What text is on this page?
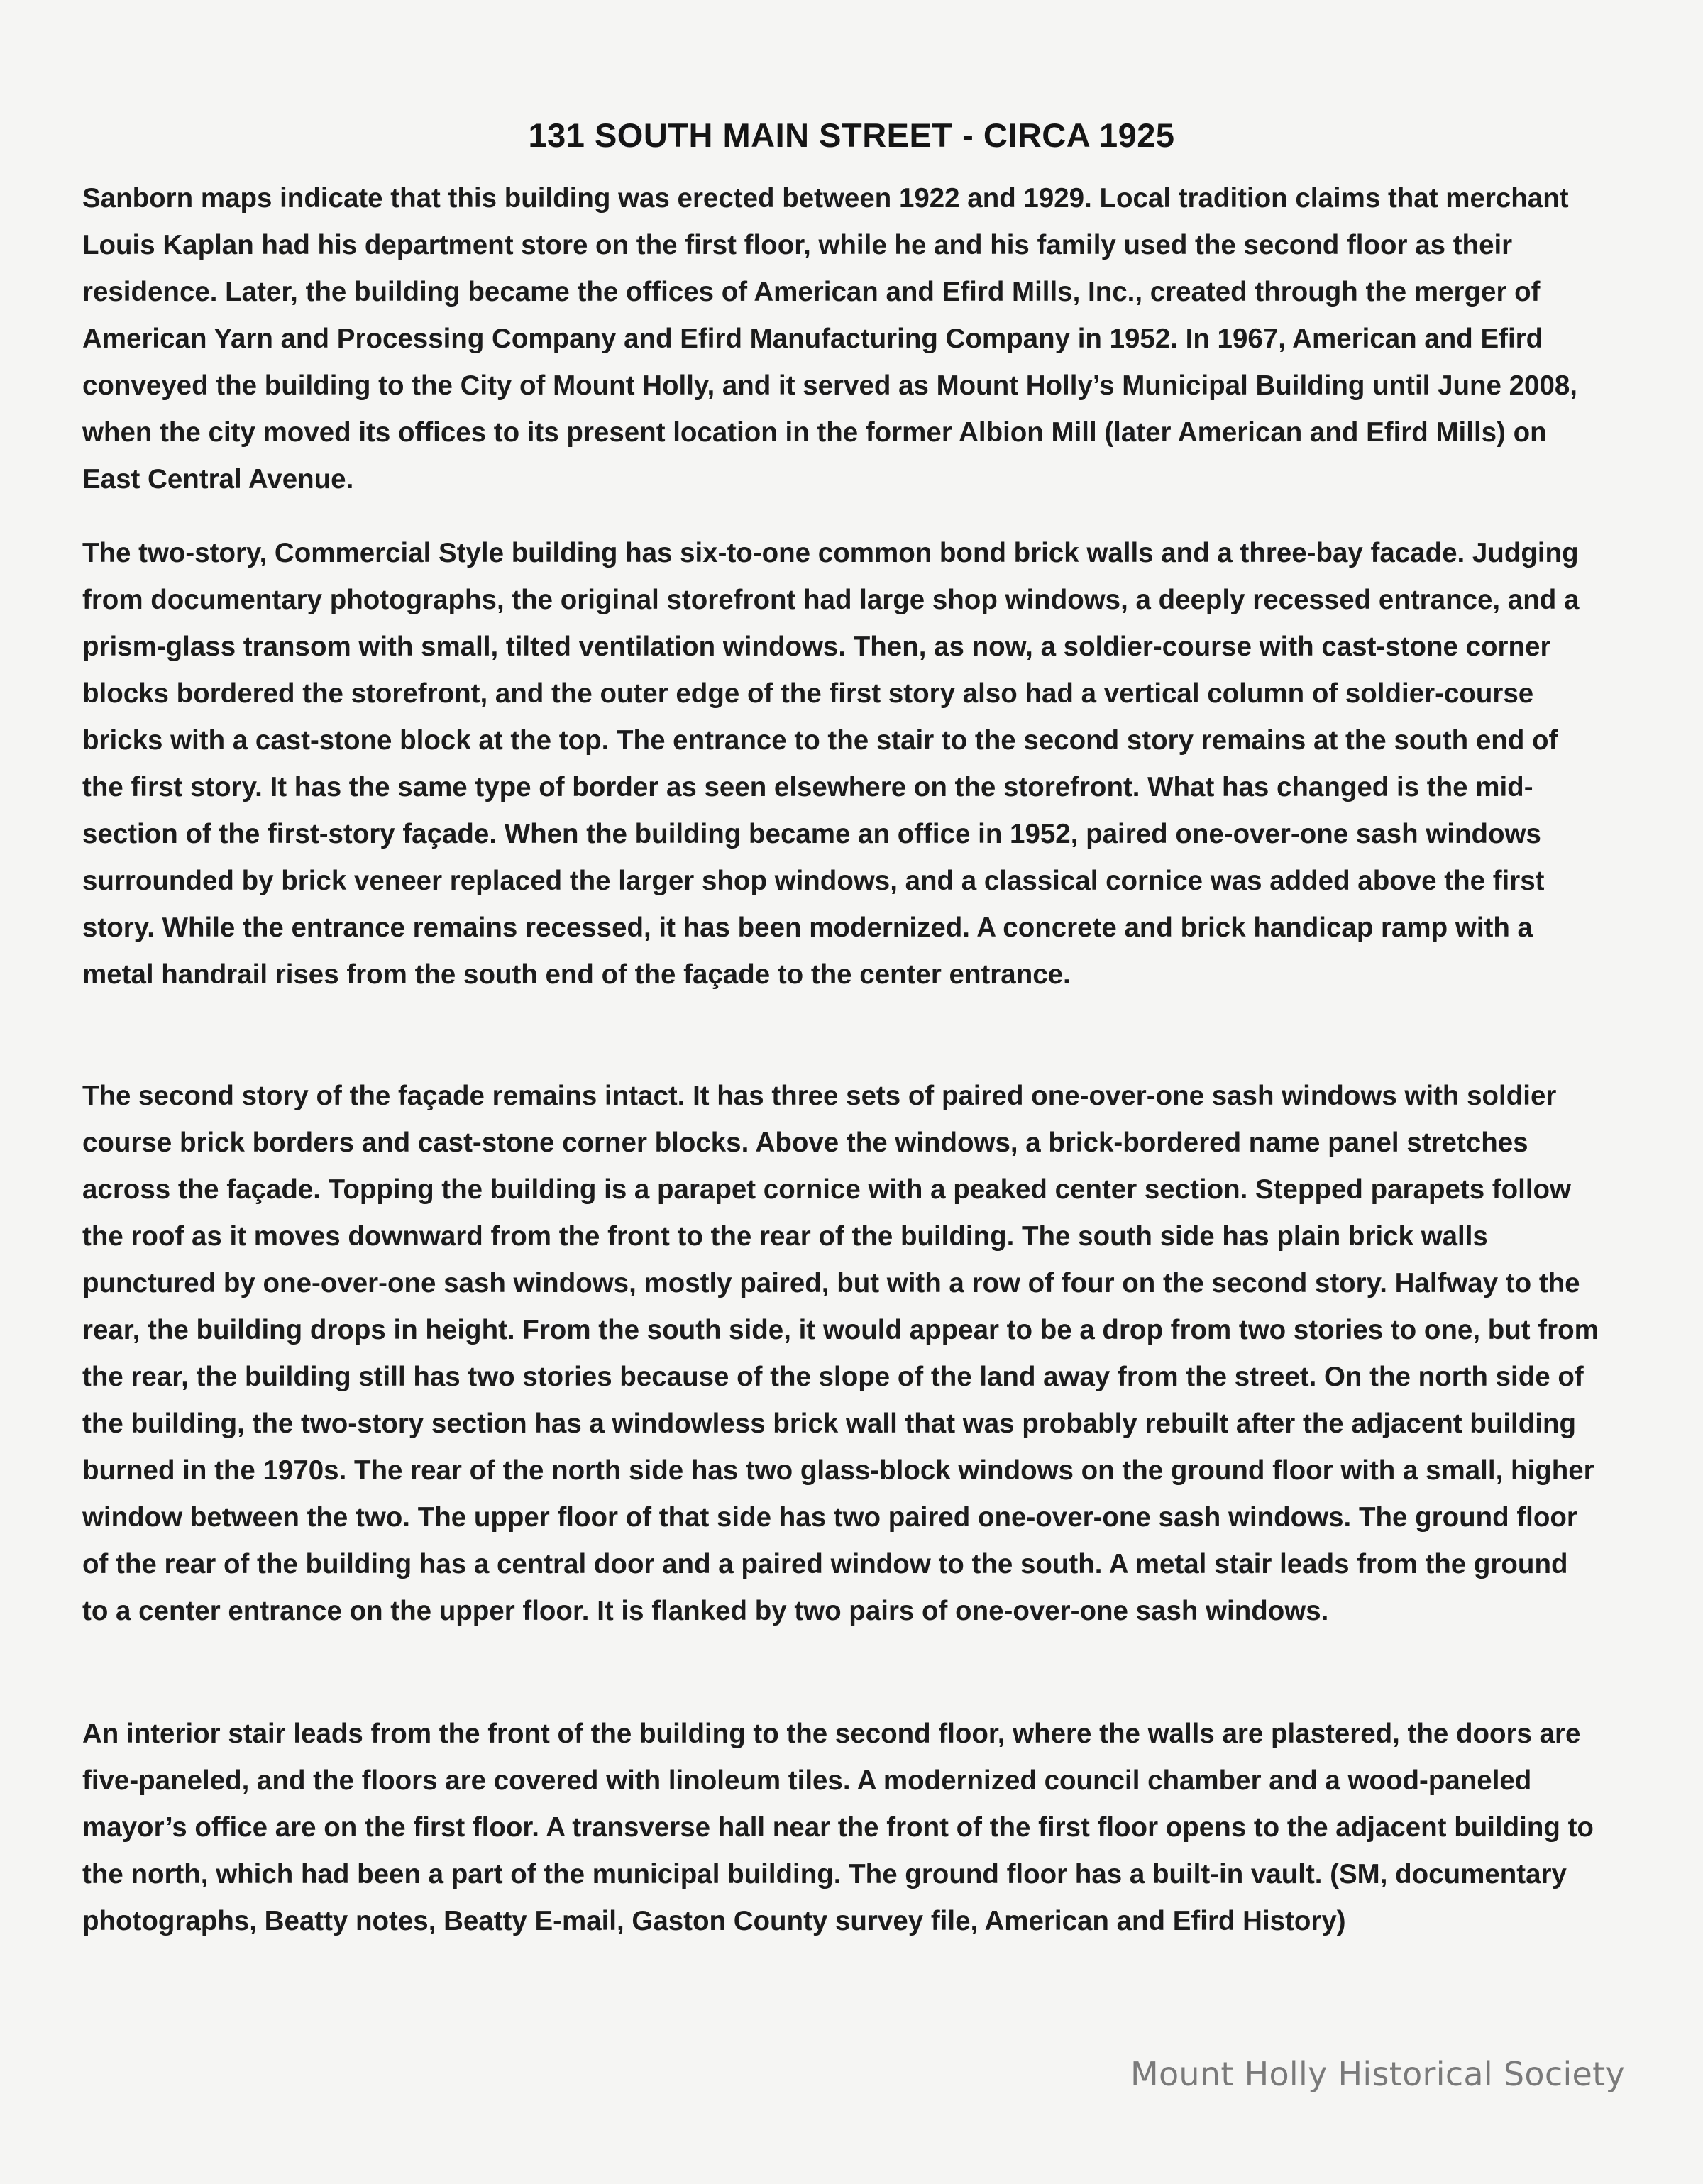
131 SOUTH MAIN STREET - CIRCA 1925

Sanborn maps indicate that this building was erected between 1922 and 1929. Local tradition claims that merchant Louis Kaplan had his department store on the first floor, while he and his family used the second floor as their residence. Later, the building became the offices of American and Efird Mills, Inc., created through the merger of American Yarn and Processing Company and Efird Manufacturing Company in 1952. In 1967, American and Efird conveyed the building to the City of Mount Holly, and it served as Mount Holly’s Municipal Building until June 2008, when the city moved its offices to its present location in the former Albion Mill (later American and Efird Mills) on East Central Avenue.

The two-story, Commercial Style building has six-to-one common bond brick walls and a three-bay facade. Judging from documentary photographs, the original storefront had large shop windows, a deeply recessed entrance, and a prism-glass transom with small, tilted ventilation windows. Then, as now, a soldier-course with cast-stone corner blocks bordered the storefront, and the outer edge of the first story also had a vertical column of soldier-course bricks with a cast-stone block at the top. The entrance to the stair to the second story remains at the south end of the first story. It has the same type of border as seen elsewhere on the storefront. What has changed is the mid-section of the first-story façade. When the building became an office in 1952, paired one-over-one sash windows surrounded by brick veneer replaced the larger shop windows, and a classical cornice was added above the first story. While the entrance remains recessed, it has been modernized. A concrete and brick handicap ramp with a metal handrail rises from the south end of the façade to the center entrance.

The second story of the façade remains intact. It has three sets of paired one-over-one sash windows with soldier course brick borders and cast-stone corner blocks. Above the windows, a brick-bordered name panel stretches across the façade. Topping the building is a parapet cornice with a peaked center section. Stepped parapets follow the roof as it moves downward from the front to the rear of the building. The south side has plain brick walls punctured by one-over-one sash windows, mostly paired, but with a row of four on the second story. Halfway to the rear, the building drops in height. From the south side, it would appear to be a drop from two stories to one, but from the rear, the building still has two stories because of the slope of the land away from the street. On the north side of the building, the two-story section has a windowless brick wall that was probably rebuilt after the adjacent building burned in the 1970s. The rear of the north side has two glass-block windows on the ground floor with a small, higher window between the two. The upper floor of that side has two paired one-over-one sash windows. The ground floor of the rear of the building has a central door and a paired window to the south. A metal stair leads from the ground to a center entrance on the upper floor. It is flanked by two pairs of one-over-one sash windows.

An interior stair leads from the front of the building to the second floor, where the walls are plastered, the doors are five-paneled, and the floors are covered with linoleum tiles. A modernized council chamber and a wood-paneled mayor’s office are on the first floor. A transverse hall near the front of the first floor opens to the adjacent building to the north, which had been a part of the municipal building. The ground floor has a built-in vault. (SM, documentary photographs, Beatty notes, Beatty E-mail, Gaston County survey file, American and Efird History)

Mount Holly Historical Society
